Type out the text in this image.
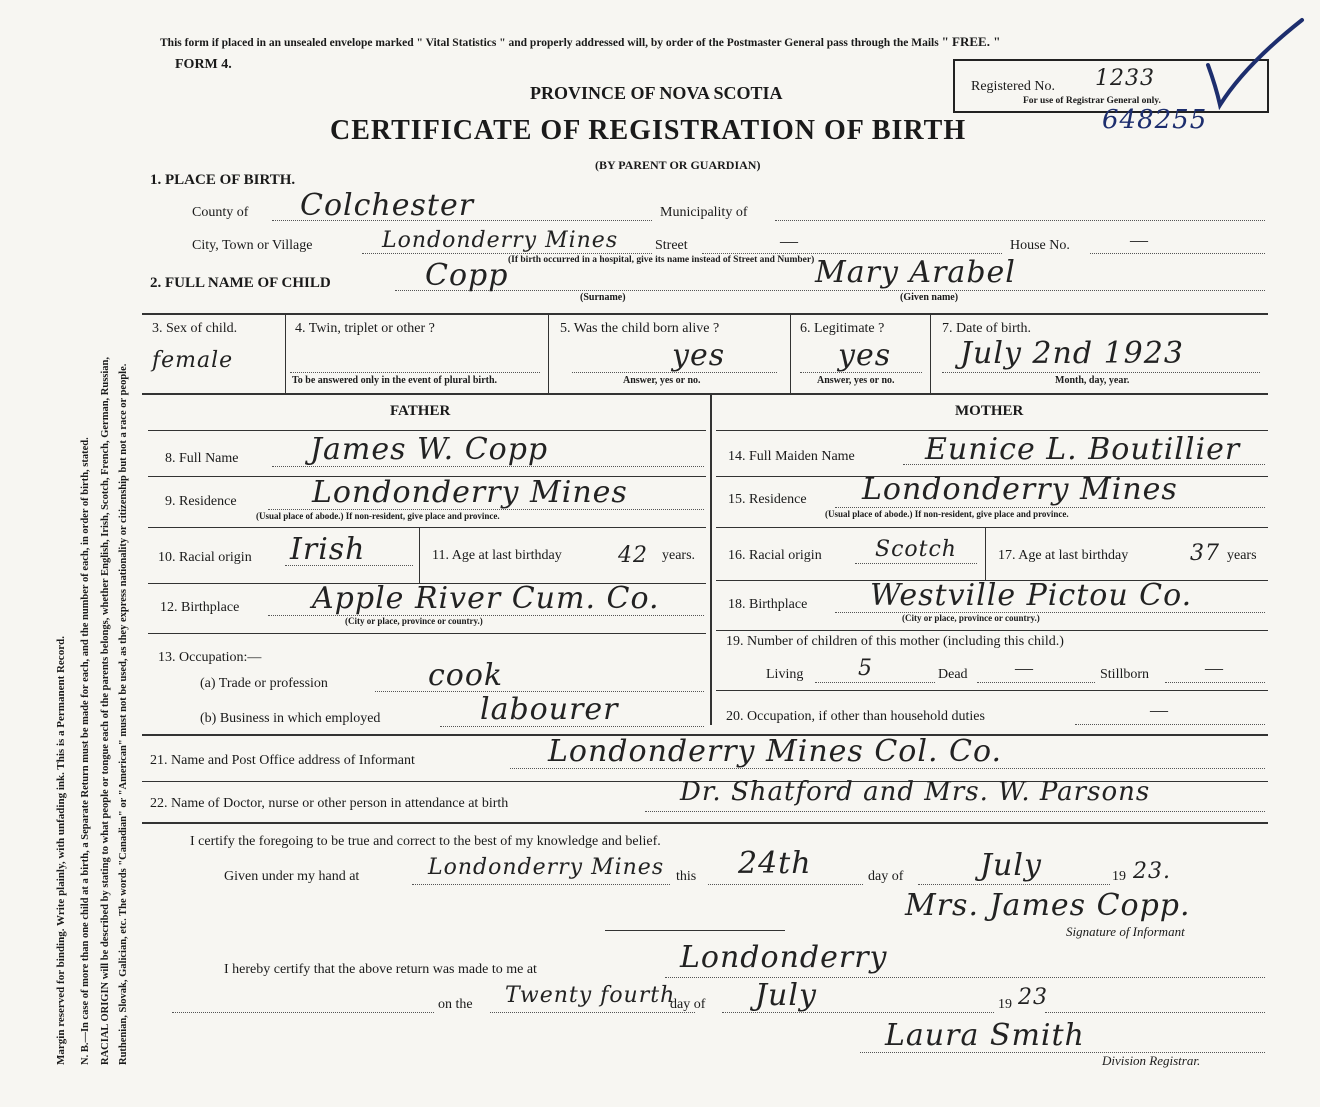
Margin reserved for binding. Write plainly, with unfading ink. This is a Permanent Record. N. B.—In case of more than one child at a birth, a Separate Return must be made for each, and the number of each, in order of birth, stated. RACIAL ORIGIN will be described by stating to what people or tongue each of the parents belongs, whether English, Irish, Scotch, French, German, Russian, Ruthenian, Slovak, Galician, etc. The words "Canadian" or "American" must not be used, as they express nationality or citizenship but not a race or people.
This form if placed in an unsealed envelope marked " Vital Statistics " and properly addressed will, by order of the Postmaster General pass through the Mails " FREE. "
FORM 4.
PROVINCE OF NOVA SCOTIA
CERTIFICATE OF REGISTRATION OF BIRTH
(BY PARENT OR GUARDIAN)
Registered No. 1233
For use of Registrar General only.
648255
1. PLACE OF BIRTH.
County of Colchester	Municipality of
City, Town or Village	Londonderry Mines	Street	—	House No.	—
(If birth occurred in a hospital, give its name instead of Street and Number)
2. FULL NAME OF CHILD	Copp
(Surname)
Mary Arabel
(Given name)
3. Sex of child.
female
4. Twin, triplet or other ?
To be answered only in the event of plural birth.
5. Was the child born alive ?
yes
Answer, yes or no.
6. Legitimate ?
yes
Answer, yes or no.
7. Date of birth.
July 2nd 1923
Month, day, year.
FATHER	MOTHER
8. Full Name James W. Copp
9. Residence	Londonderry Mines
(Usual place of abode.) If non-resident, give place and province.
10. Racial origin Irish	11. Age at last birthday	42 years.
12. Birthplace Apple River Cum. Co.
(City or place, province or country.)
13. Occupation:—
(a) Trade or profession	cook
(b) Business in which employed	labourer
14. Full Maiden Name Eunice L. Boutillier
15. Residence Londonderry Mines
(Usual place of abode.) If non-resident, give place and province.
16. Racial origin Scotch	17. Age at last birthday	37 years
18. Birthplace Westville Pictou Co.
(City or place, province or country.)
19. Number of children of this mother (including this child.)
Living 5	Dead	—	Stillborn	—
20. Occupation, if other than household duties	—
21. Name and Post Office address of Informant	Londonderry Mines Col. Co.
22. Name of Doctor, nurse or other person in attendance at birth	Dr. Shatford and Mrs. W. Parsons
I certify the foregoing to be true and correct to the best of my knowledge and belief.
Given under my hand at	Londonderry Mines this 24th	day of	July	19 23.
Mrs. James Copp.
Signature of Informant
I hereby certify that the above return was made to me at	Londonderry
on the Twenty fourth
day of July	19 23
Laura Smith
Division Registrar.
